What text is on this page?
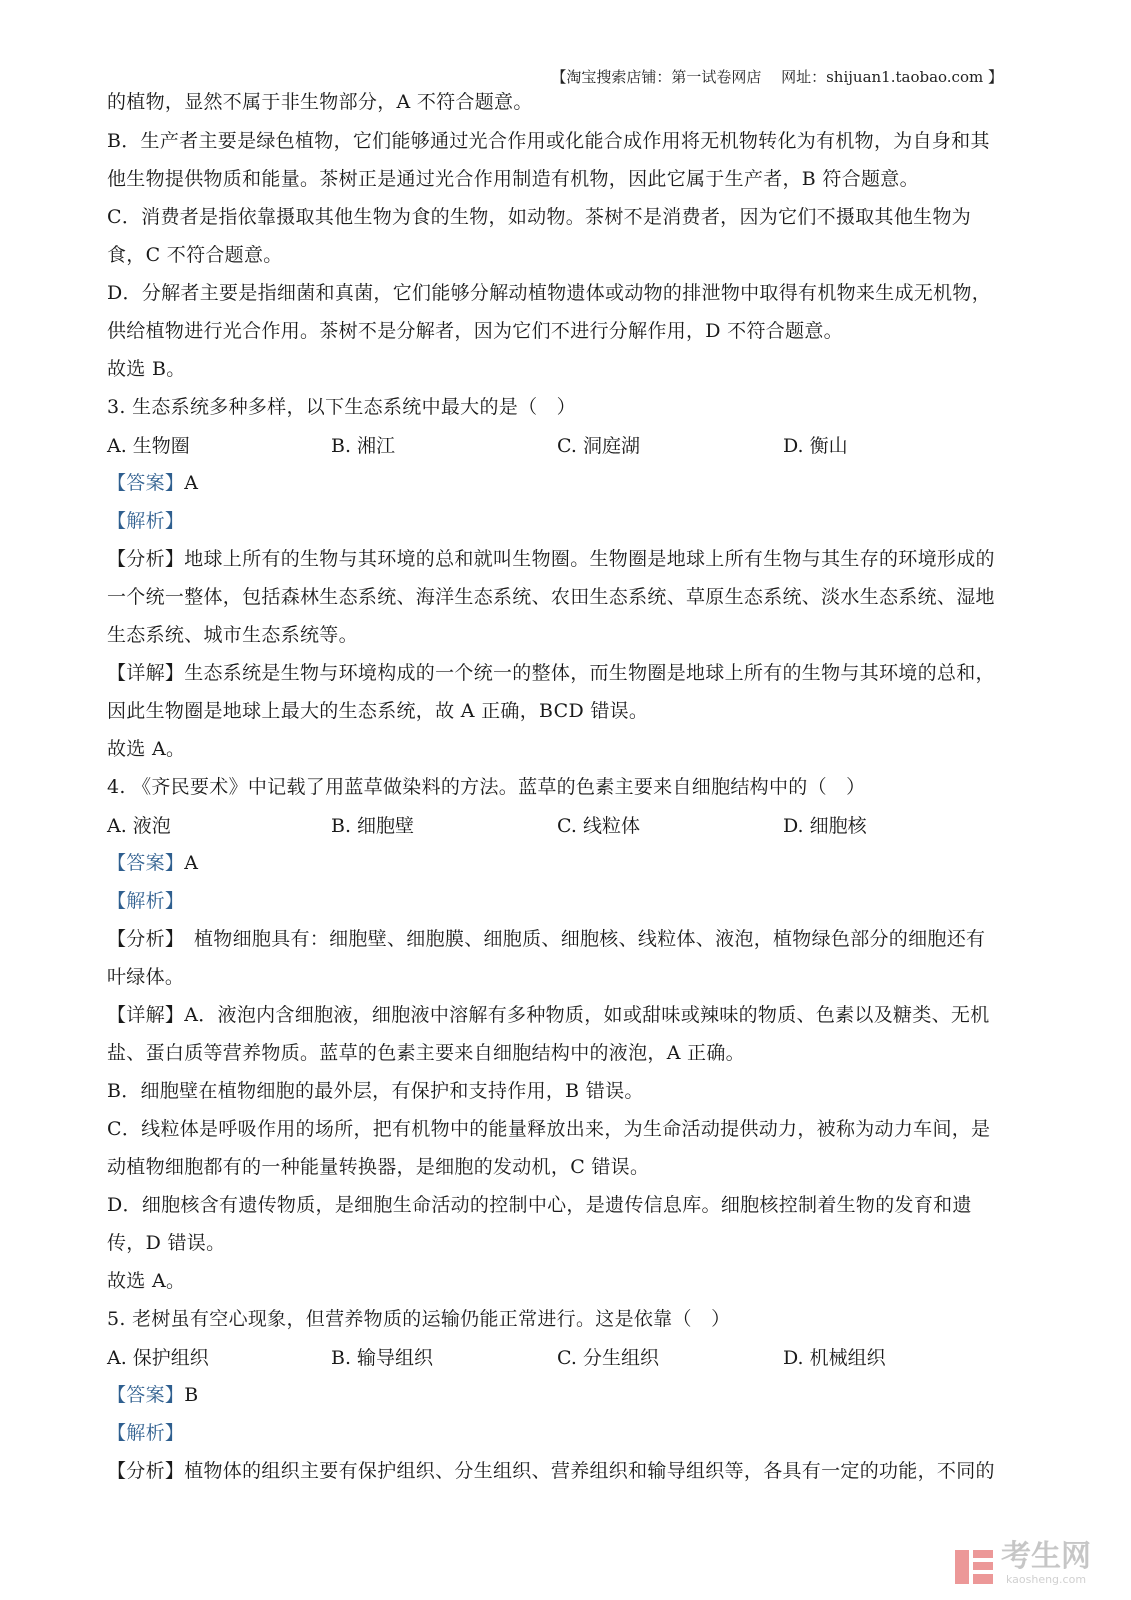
【淘宝搜索店铺：第一试卷网店　 网址：shijuan1.taobao.com 】
的植物，显然不属于非生物部分，A 不符合题意。
B．生产者主要是绿色植物，它们能够通过光合作用或化能合成作用将无机物转化为有机物，为自身和其
他生物提供物质和能量。茶树正是通过光合作用制造有机物，因此它属于生产者，B 符合题意。
C．消费者是指依靠摄取其他生物为食的生物，如动物。茶树不是消费者，因为它们不摄取其他生物为
食，C 不符合题意。
D．分解者主要是指细菌和真菌，它们能够分解动植物遗体或动物的排泄物中取得有机物来生成无机物，
供给植物进行光合作用。茶树不是分解者，因为它们不进行分解作用，D 不符合题意。
故选 B。
3. 生态系统多种多样，以下生态系统中最大的是（　）
A. 生物圈	B. 湘江	C. 洞庭湖	D. 衡山
【答案】A
【解析】
【分析】地球上所有的生物与其环境的总和就叫生物圈。生物圈是地球上所有生物与其生存的环境形成的
一个统一整体，包括森林生态系统、海洋生态系统、农田生态系统、草原生态系统、淡水生态系统、湿地
生态系统、城市生态系统等。
【详解】生态系统是生物与环境构成的一个统一的整体，而生物圈是地球上所有的生物与其环境的总和，
因此生物圈是地球上最大的生态系统，故 A 正确，BCD 错误。
故选 A。
4. 《齐民要术》中记载了用蓝草做染料的方法。蓝草的色素主要来自细胞结构中的（　）
A. 液泡	B. 细胞壁	C. 线粒体	D. 细胞核
【答案】A
【解析】
【分析】　植物细胞具有：细胞壁、细胞膜、细胞质、细胞核、线粒体、液泡，植物绿色部分的细胞还有
叶绿体。
【详解】A．液泡内含细胞液，细胞液中溶解有多种物质，如或甜味或辣味的物质、色素以及糖类、无机
盐、蛋白质等营养物质。蓝草的色素主要来自细胞结构中的液泡，A 正确。
B．细胞壁在植物细胞的最外层，有保护和支持作用，B 错误。
C．线粒体是呼吸作用的场所，把有机物中的能量释放出来，为生命活动提供动力，被称为动力车间，是
动植物细胞都有的一种能量转换器，是细胞的发动机，C 错误。
D．细胞核含有遗传物质，是细胞生命活动的控制中心，是遗传信息库。细胞核控制着生物的发育和遗
传，D 错误。
故选 A。
5. 老树虽有空心现象，但营养物质的运输仍能正常进行。这是依靠（　）
A. 保护组织	B. 输导组织	C. 分生组织	D. 机械组织
【答案】B
【解析】
【分析】植物体的组织主要有保护组织、分生组织、营养组织和输导组织等，各具有一定的功能，不同的
考生网
kaosheng.com
